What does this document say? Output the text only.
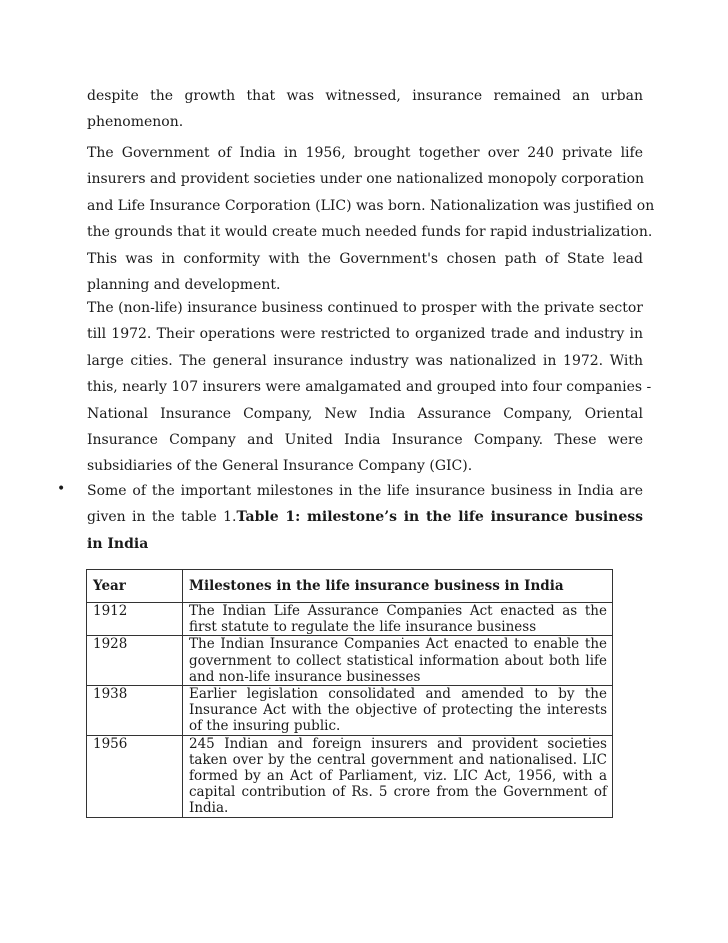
despite the growth that was witnessed, insurance remained an urban
phenomenon.
The Government of India in 1956, brought together over 240 private life
insurers and provident societies under one nationalized monopoly corporation
and Life Insurance Corporation (LIC) was born. Nationalization was justified on
the grounds that it would create much needed funds for rapid industrialization.
This was in conformity with the Government's chosen path of State lead
planning and development.
The (non-life) insurance business continued to prosper with the private sector
till 1972. Their operations were restricted to organized trade and industry in
large cities. The general insurance industry was nationalized in 1972. With
this, nearly 107 insurers were amalgamated and grouped into four companies -
National Insurance Company, New India Assurance Company, Oriental
Insurance Company and United India Insurance Company. These were
subsidiaries of the General Insurance Company (GIC).
• Some of the important milestones in the life insurance business in India are
given in the table 1.Table 1: milestone’s in the life insurance business
in India
Year	Milestones in the life insurance business in India
1912	The Indian Life Assurance Companies Act enacted as the
first statute to regulate the life insurance business

1928	The Indian Insurance Companies Act enacted to enable the
government to collect statistical information about both life
and non-life insurance businesses

1938	Earlier legislation consolidated and amended to by the
Insurance Act with the objective of protecting the interests
of the insuring public.

1956	245 Indian and foreign insurers and provident societies
taken over by the central government and nationalised. LIC
formed by an Act of Parliament, viz. LIC Act, 1956, with a
capital contribution of Rs. 5 crore from the Government of
India.
